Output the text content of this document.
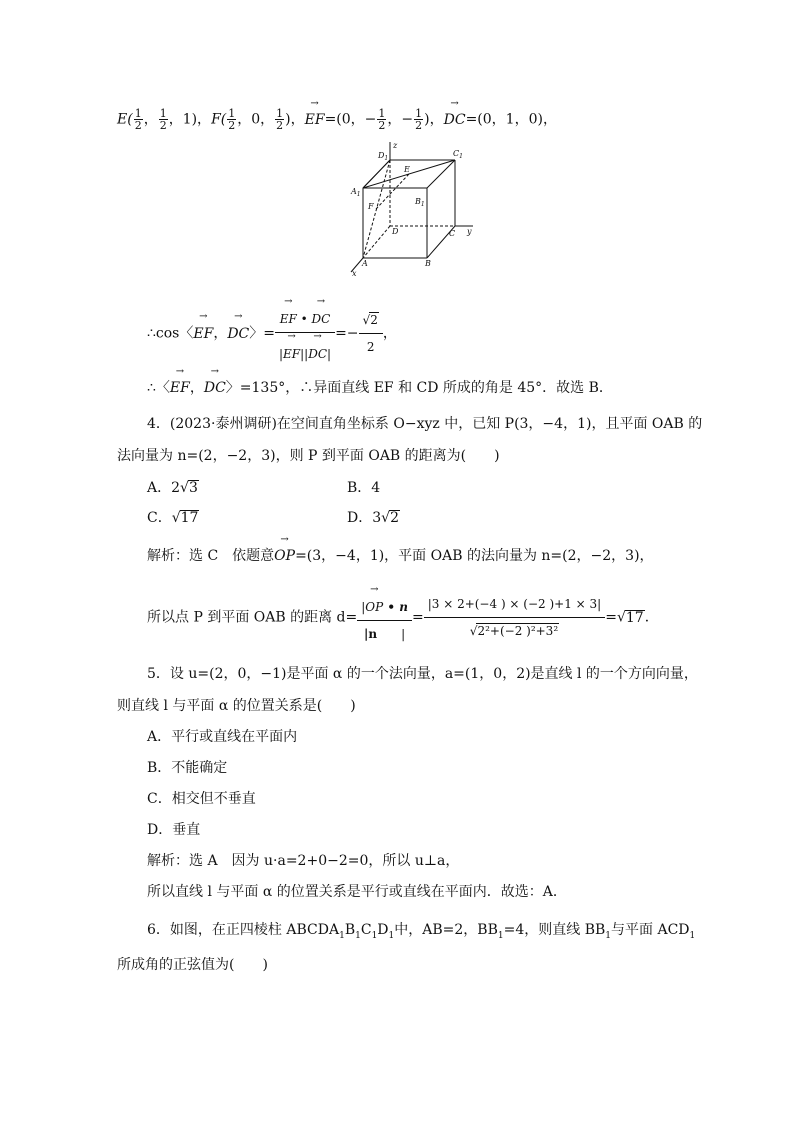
$E( \frac{1}{2}$ ， $\frac{1}{2}$ ，1)，$F( \frac{1}{2}$ ，0， $\frac{1}{2}$ )，→ EF=(0，− $\frac{1}{2}$ ，− $\frac{1}{2}$ )，→ DC=(0，1，0)，
$D_1$
z
$C_1$
E
$A_1$
F
$B_1$
D	C y
A	B
x
∴cos〈→ EF，→ DC〉=
→ $\frac{EF • \to DC}{|\to EF||\to DC|} =- \frac{√2}{2}$ ，
∴〈→ EF，→ DC〉=135°，∴异面直线 EF 和 CD 所成的角是 45°．故选 B．
4．(2023·泰州调研)在空间直角坐标系 O−xyz 中，已知 P(3，−4，1)，且平面 OAB 的
法向量为 n=(2，−2，3)，则 P 到平面 OAB 的距离为(　　)
A．2√3	B．4
C．√17	D．3√2
解析：选 C　依题意→ OP=(3，−4，1)，平面 OAB 的法向量为 n=(2，−2，3)，
所以点 P 到平面 OAB 的距离 $d= \frac{|\to OP • n}{|n |} = \frac{|3 \times 2+(-4 ) \times (-2 )+1 \times 3|}{\text{√2²+(−2 )²+3²}} =√17$．
5．设 u=(2，0，−1)是平面 α 的一个法向量，a=(1，0，2)是直线 l 的一个方向向量，
则直线 l 与平面 α 的位置关系是(　　)
A．平行或直线在平面内
B．不能确定
C．相交但不垂直
D．垂直
解析：选 A　因为 u·a=2+0−2=0，所以 u⊥a，
所以直线 l 与平面 α 的位置关系是平行或直线在平面内．故选：A．
6．如图，在正四棱柱 $ABCDA_1B_1C_1D_1$中，AB=2，$BB_1=4$，则直线 $BB_1$与平面 $ACD_1$
所成角的正弦值为(　　)
